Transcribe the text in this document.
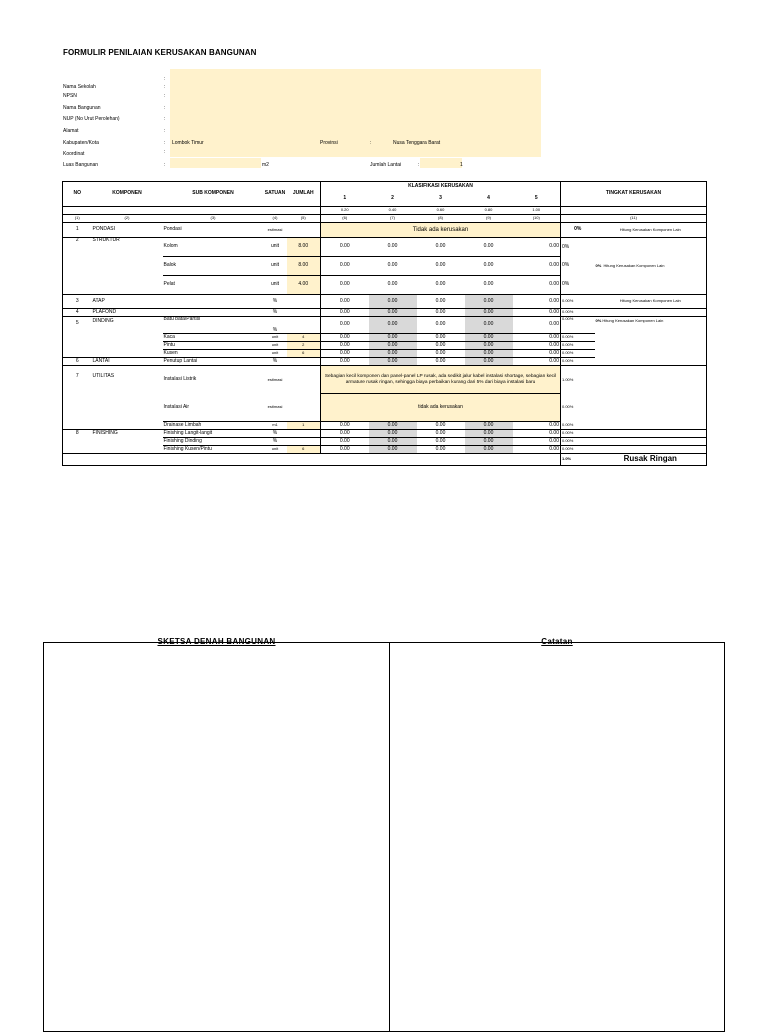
FORMULIR PENILAIAN KERUSAKAN BANGUNAN
:
Nama Sekolah	:
NPSN	:
Nama Bangunan	:
NUP (No Urut Perolehan)	:
Alamat	:
Kabupaten/Kota	: Lombok Timur	Provinsi	:	Nusa Tenggara Barat
Koordinat	:
Luas Bangunan	:	m2	Jumlah Lantai	:	1
NO	KOMPONEN	SUB KOMPONEN	SATUAN	JUMLAH	KLASIFIKASI KERUSAKAN					TINGKAT KERUSAKAN	
					1	2	3	4	5		
					0.20	0.40	0.60	0.80	1.00		
(1)	(2)	(3)	(4)	(5)	(6)	(7)	(8)	(9)	(10)	(11)	
1	PONDASI	Pondasi	estimasi		Tidak ada kerusakan					0%	Hitung Kerusakan Komponen Lain
2	STRUKTUR	Kolom	unit	8.00	0.00	0.00	0.00	0.00	0.00	0%	0% Hitung Kerusakan Komponen Lain
		Balok	unit	8.00	0.00	0.00	0.00	0.00	0.00	0%	
		Pelat	unit	4.00	0.00	0.00	0.00	0.00	0.00	0%	
3	ATAP		%		0.00	0.00	0.00	0.00	0.00	0.00%	Hitung Kerusakan Komponen Lain
4	PLAFOND		%		0.00	0.00	0.00	0.00	0.00	0.00%	
5	DINDING	Batu bata/Partisi	%		0.00	0.00	0.00	0.00	0.00	0.00%	0% Hitung Kerusakan Komponen Lain
		Kaca	unit	4	0.00	0.00	0.00	0.00	0.00	0.00%	
		Pintu	unit	2	0.00	0.00	0.00	0.00	0.00	0.00%	
		Kusen	unit	6	0.00	0.00	0.00	0.00	0.00	0.00%	
6	LANTAI	Penutup Lantai	%		0.00	0.00	0.00	0.00	0.00	0.00%	
7	UTILITAS	Instalasi Listrik	estimasi		Sebagian kecil komponen dan panel-panel LP rusak, ada sedikit jalur kabel instalasi shortage, sebagian kecil armature rusak ringan, sehingga biaya perbaikan kurang dari 5% dari biaya instalasi baru					1.00%	
		Instalasi Air	estimasi		tidak ada kerusakan					0.00%	
		Drainase Limbah	m1	1	0.00	0.00	0.00	0.00	0.00	0.00%	
8	FINISHING	Finishing Langit-langit	%		0.00	0.00	0.00	0.00	0.00	0.00%	
		Finishing Dinding	%		0.00	0.00	0.00	0.00	0.00	0.00%	
		Finishing Kusen/Pintu	unit	6	0.00	0.00	0.00	0.00	0.00	0.00%	
										1.0%	Rusak Ringan
SKETSA DENAH BANGUNAN	Catatan
